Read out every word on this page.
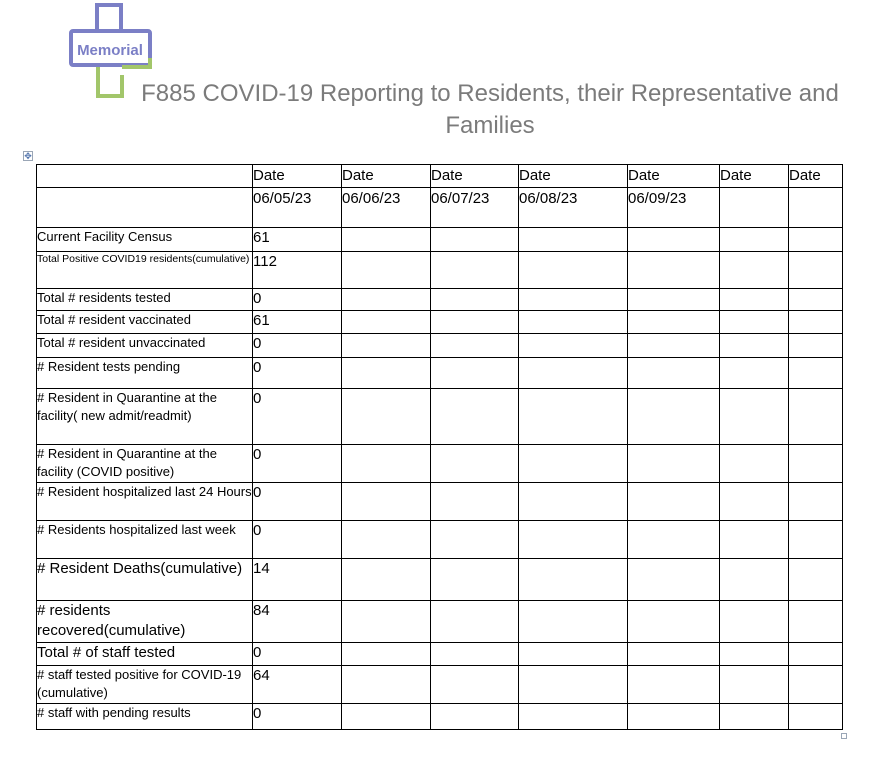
Memorial
F885 COVID-19 Reporting to Residents, their Representative and Families
✥
	Date	Date	Date	Date	Date	Date	Date
	06/05/23	06/06/23	06/07/23	06/08/23	06/09/23		
Current Facility Census	61						
Total Positive COVID19 residents(cumulative)	112						
Total # residents tested	0						
Total # resident vaccinated	61						
Total # resident unvaccinated	0						
# Resident tests pending	0						
# Resident in Quarantine at the facility( new admit/readmit)	0						
# Resident in Quarantine at the facility (COVID positive)	0						
# Resident hospitalized last 24 Hours	0						
# Residents hospitalized last week	0						
# Resident Deaths(cumulative)	14						
# residents recovered(cumulative)	84						
Total # of staff tested	0						
# staff tested positive for COVID-19 (cumulative)	64						
# staff with pending results	0						
